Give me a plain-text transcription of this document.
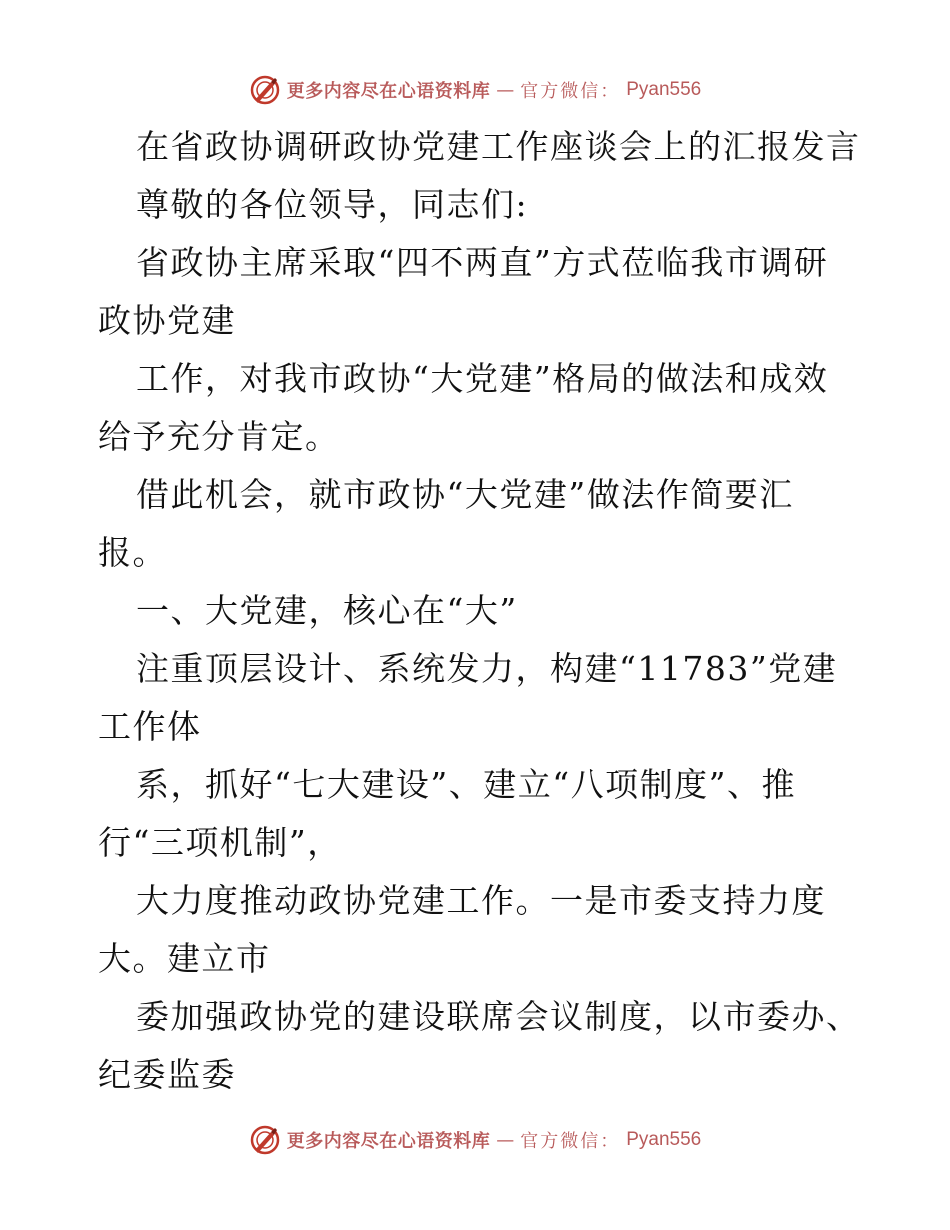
更多内容尽在心语资料库 — 官方微信： Pyan556
在省政协调研政协党建工作座谈会上的汇报发言
尊敬的各位领导，同志们:
省政协主席采取“四不两直”方式莅临我市调研
政协党建
工作，对我市政协“大党建”格局的做法和成效
给予充分肯定。
借此机会，就市政协“大党建”做法作简要汇
报。
一、大党建，核心在“大”
注重顶层设计、系统发力，构建“11783”党建
工作体
系，抓好“七大建设”、建立“八项制度”、推
行“三项机制”，
大力度推动政协党建工作。一是市委支持力度
大。建立市
委加强政协党的建设联席会议制度，以市委办、
纪委监委
更多内容尽在心语资料库 — 官方微信： Pyan556
